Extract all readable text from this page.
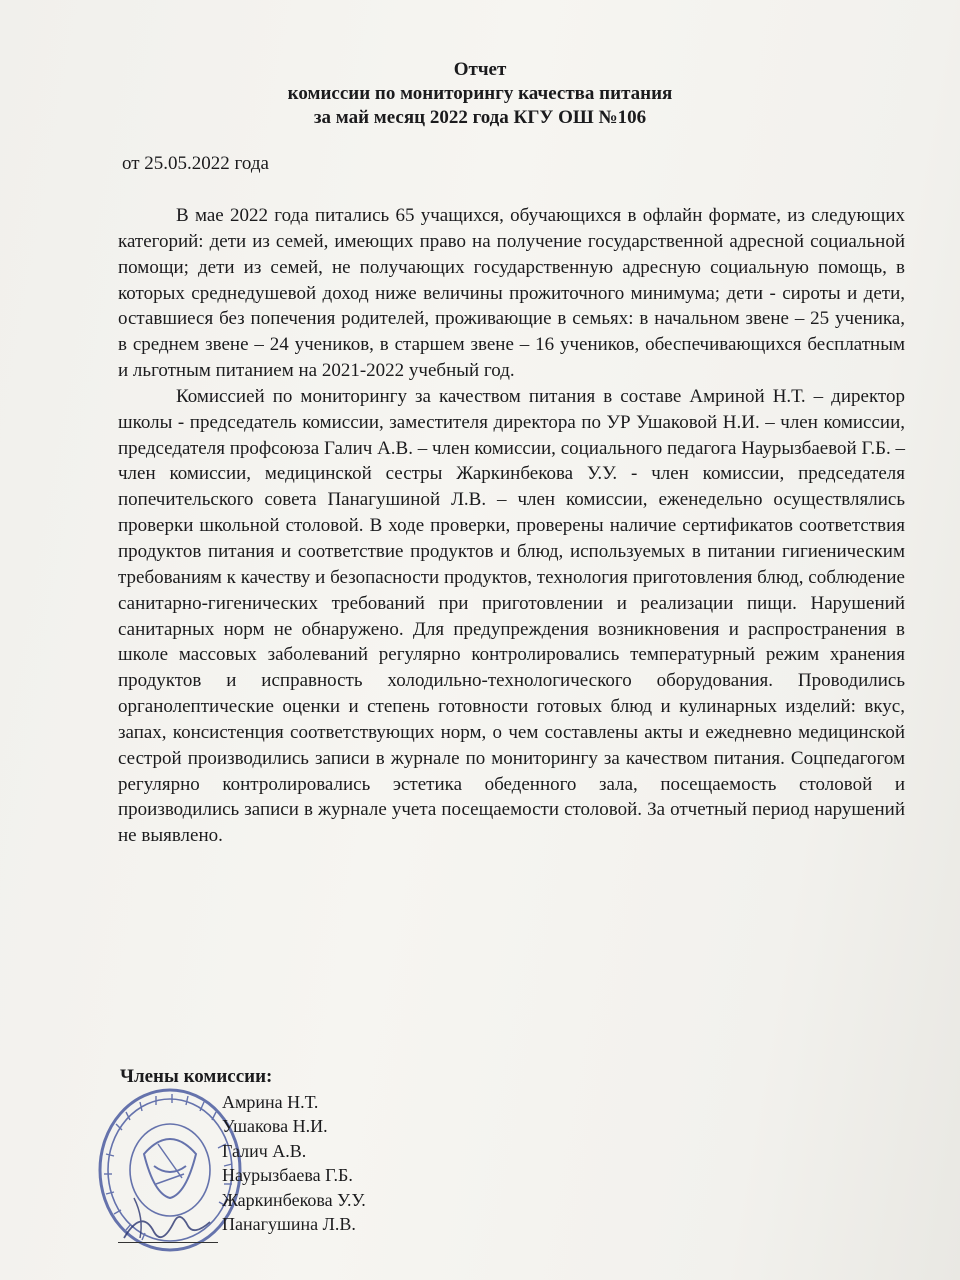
Отчет
комиссии по мониторингу качества питания
за май месяц 2022 года КГУ ОШ №106
от 25.05.2022 года

В мае 2022 года питались 65 учащихся, обучающихся в офлайн формате, из следующих категорий: дети из семей, имеющих право на получение государственной адресной социальной помощи; дети из семей, не получающих государственную адресную социальную помощь, в которых среднедушевой доход ниже величины прожиточного минимума; дети - сироты и дети, оставшиеся без попечения родителей, проживающие в семьях: в начальном звене – 25 ученика, в среднем звене – 24 учеников, в старшем звене – 16 учеников, обеспечивающихся бесплатным и льготным питанием на 2021-2022 учебный год.

Комиссией по мониторингу за качеством питания в составе Амриной Н.Т. – директор школы - председатель комиссии, заместителя директора по УР Ушаковой Н.И. – член комиссии, председателя профсоюза Галич А.В. – член комиссии, социального педагога Наурызбаевой Г.Б. – член комиссии, медицинской сестры Жаркинбекова У.У. - член комиссии, председателя попечительского совета Панагушиной Л.В. – член комиссии, еженедельно осуществлялись проверки школьной столовой. В ходе проверки, проверены наличие сертификатов соответствия продуктов питания и соответствие продуктов и блюд, используемых в питании гигиеническим требованиям к качеству и безопасности продуктов, технология приготовления блюд, соблюдение санитарно-гигенических требований при приготовлении и реализации пищи. Нарушений санитарных норм не обнаружено. Для предупреждения возникновения и распространения в школе массовых заболеваний регулярно контролировались температурный режим хранения продуктов и исправность холодильно-технологического оборудования. Проводились органолептические оценки и степень готовности готовых блюд и кулинарных изделий: вкус, запах, консистенция соответствующих норм, о чем составлены акты и ежедневно медицинской сестрой производились записи в журнале по мониторингу за качеством питания. Соцпедагогом регулярно контролировались эстетика обеденного зала, посещаемость столовой и производились записи в журнале учета посещаемости столовой. За отчетный период нарушений не выявлено.

Члены комиссии:
Амрина Н.Т.
Ушакова Н.И.
Галич А.В.
Наурызбаева Г.Б.
Жаркинбекова У.У.
Панагушина Л.В.
